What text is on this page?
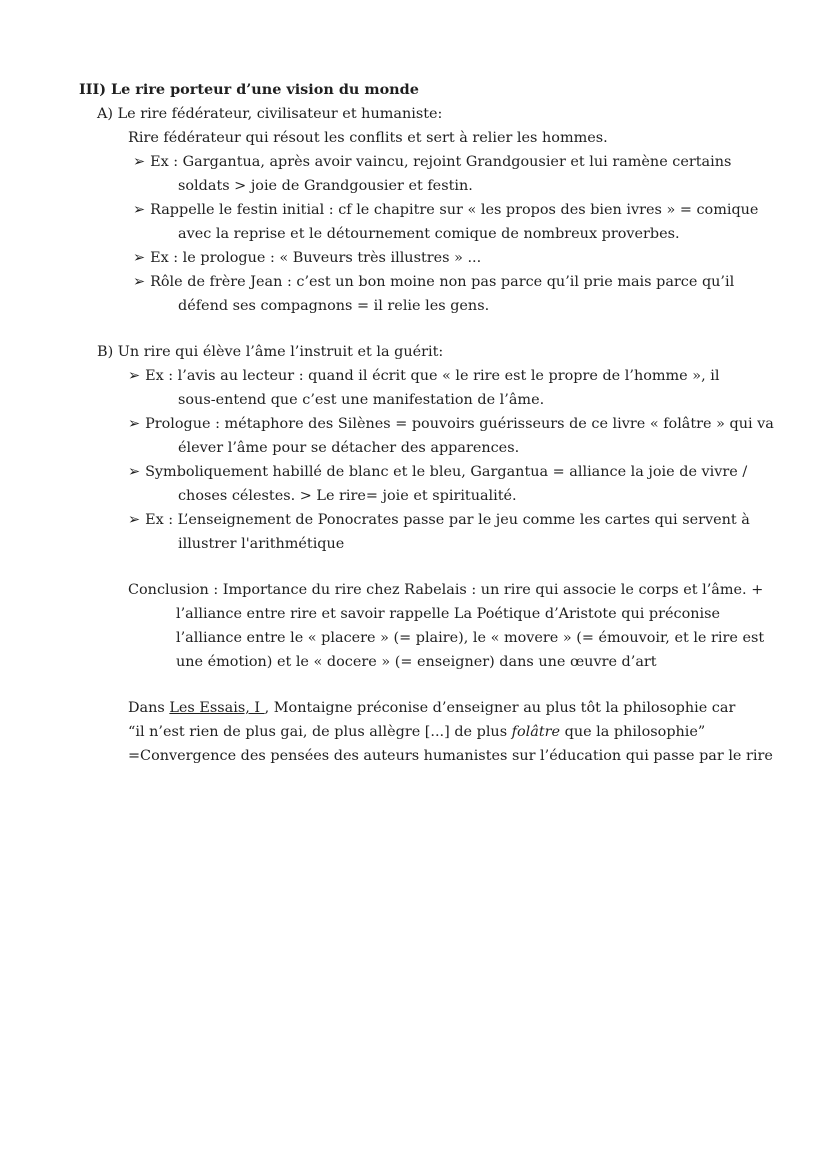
III) Le rire porteur d’une vision du monde
A) Le rire fédérateur, civilisateur et humaniste:
Rire fédérateur qui résout les conflits et sert à relier les hommes.
➢ Ex : Gargantua, après avoir vaincu, rejoint Grandgousier et lui ramène certains
soldats > joie de Grandgousier et festin.
➢ Rappelle le festin initial : cf le chapitre sur « les propos des bien ivres » = comique
avec la reprise et le détournement comique de nombreux proverbes.
➢ Ex : le prologue : « Buveurs très illustres » ...
➢ Rôle de frère Jean : c’est un bon moine non pas parce qu’il prie mais parce qu’il
défend ses compagnons = il relie les gens.
B) Un rire qui élève l’âme l’instruit et la guérit:
➢ Ex : l’avis au lecteur : quand il écrit que « le rire est le propre de l’homme », il
sous-entend que c’est une manifestation de l’âme.
➢ Prologue : métaphore des Silènes = pouvoirs guérisseurs de ce livre « folâtre » qui va
élever l’âme pour se détacher des apparences.
➢ Symboliquement habillé de blanc et le bleu, Gargantua = alliance la joie de vivre /
choses célestes. > Le rire= joie et spiritualité.
➢ Ex : L’enseignement de Ponocrates passe par le jeu comme les cartes qui servent à
illustrer l'arithmétique
Conclusion : Importance du rire chez Rabelais : un rire qui associe le corps et l’âme. +
l’alliance entre rire et savoir rappelle La Poétique d’Aristote qui préconise
l’alliance entre le « placere » (= plaire), le « movere » (= émouvoir, et le rire est
une émotion) et le « docere » (= enseigner) dans une œuvre d’art
Dans Les Essais, I , Montaigne préconise d’enseigner au plus tôt la philosophie car
“il n’est rien de plus gai, de plus allègre [...] de plus folâtre que la philosophie”
=Convergence des pensées des auteurs humanistes sur l’éducation qui passe par le rire
